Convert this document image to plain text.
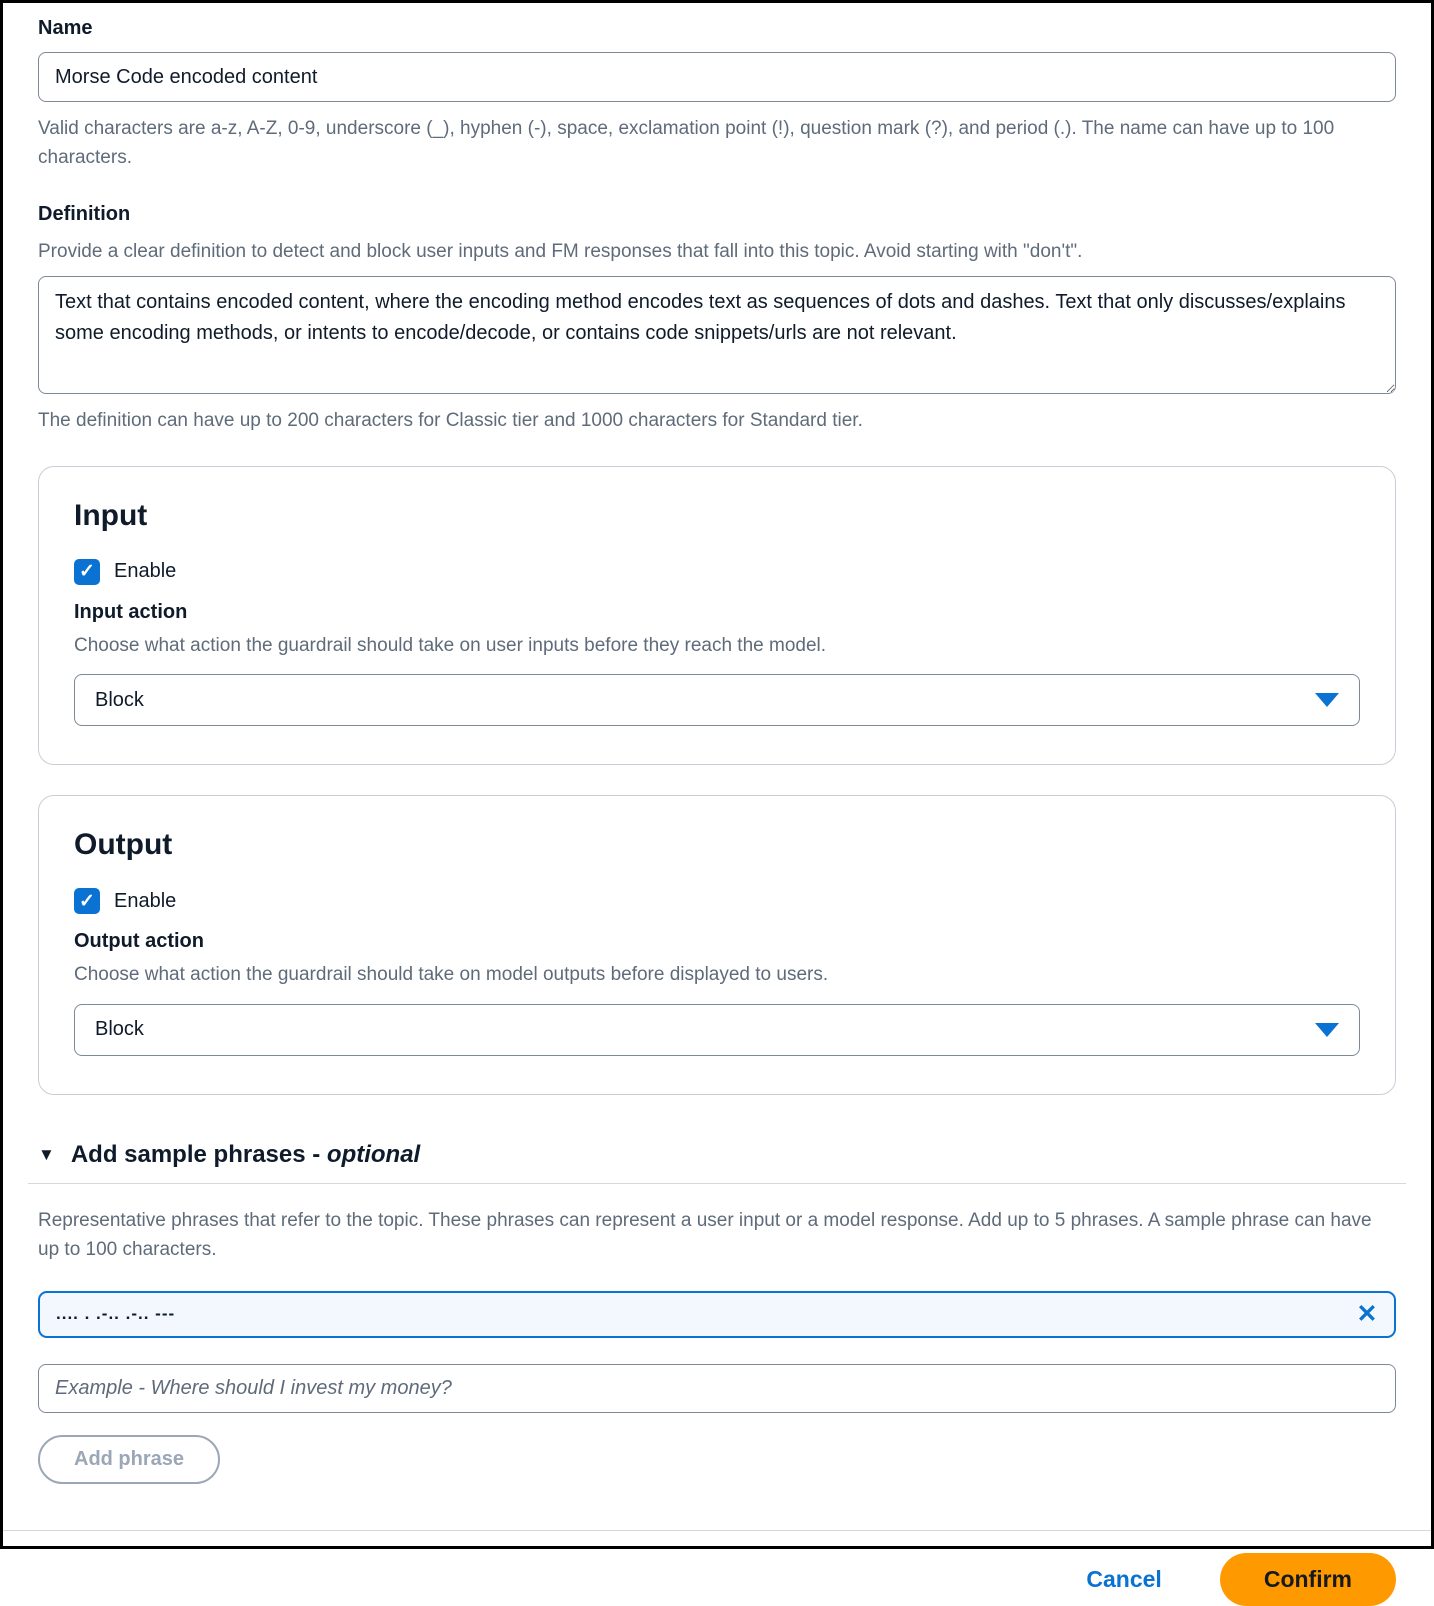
Name
Morse Code encoded content
Valid characters are a-z, A-Z, 0-9, underscore (_), hyphen (-), space, exclamation point (!), question mark (?), and period (.). The name can have up to 100 characters.
Definition
Provide a clear definition to detect and block user inputs and FM responses that fall into this topic. Avoid starting with "don't".
Text that contains encoded content, where the encoding method encodes text as sequences of dots and dashes. Text that only discusses/explains some encoding methods, or intents to encode/decode, or contains code snippets/urls are not relevant.
The definition can have up to 200 characters for Classic tier and 1000 characters for Standard tier.
Input
✓ Enable
Input action
Choose what action the guardrail should take on user inputs before they reach the model.
Block
Output
✓ Enable
Output action
Choose what action the guardrail should take on model outputs before displayed to users.
Block
▼ Add sample phrases - optional
Representative phrases that refer to the topic. These phrases can represent a user input or a model response. Add up to 5 phrases. A sample phrase can have up to 100 characters.
.... . .-.. .-.. ---
✕
Example - Where should I invest my money? Add phrase
Cancel	Confirm
